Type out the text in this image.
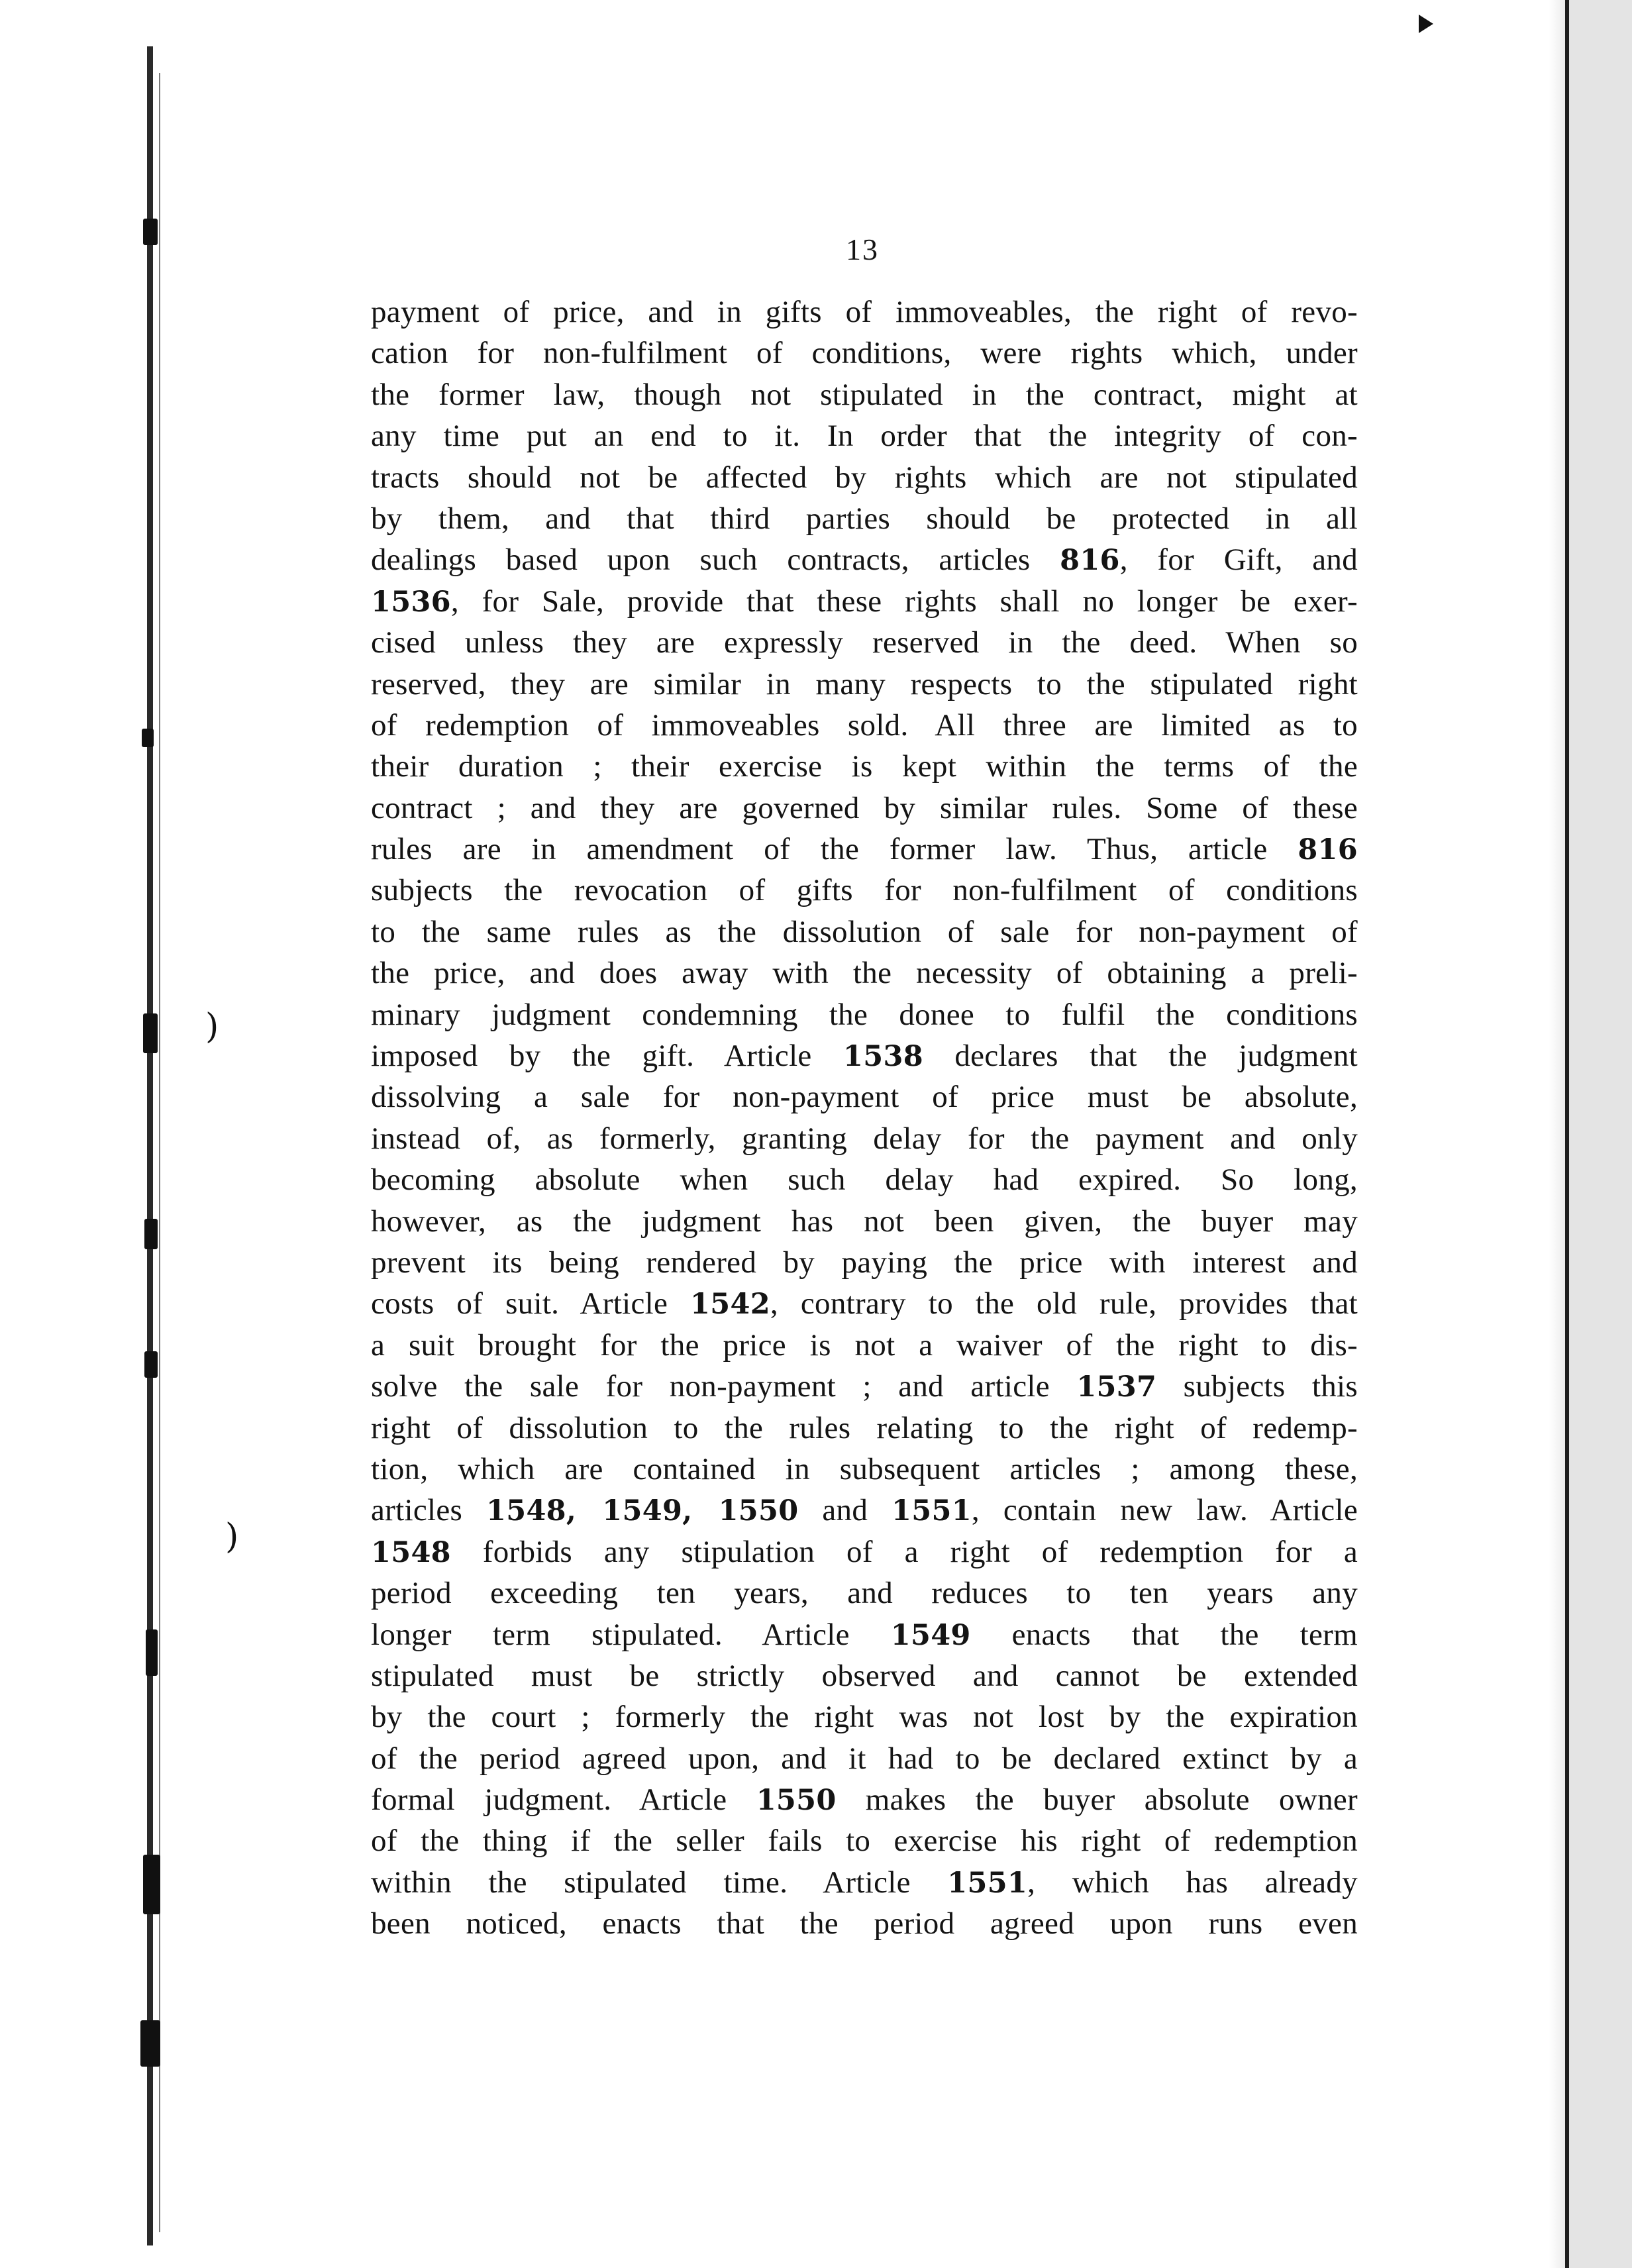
)
)
13
payment of price, and in gifts of immoveables, the right of revo-
cation for non-fulfilment of conditions, were rights which, under
the former law, though not stipulated in the contract, might at
any time put an end to it. In order that the integrity of con-
tracts should not be affected by rights which are not stipulated
by them, and that third parties should be protected in all
dealings based upon such contracts, articles 816, for Gift, and
1536, for Sale, provide that these rights shall no longer be exer-
cised unless they are expressly reserved in the deed. When so
reserved, they are similar in many respects to the stipulated right
of redemption of immoveables sold. All three are limited as to
their duration ; their exercise is kept within the terms of the
contract ; and they are governed by similar rules. Some of these
rules are in amendment of the former law. Thus, article 816
subjects the revocation of gifts for non-fulfilment of conditions
to the same rules as the dissolution of sale for non-payment of
the price, and does away with the necessity of obtaining a preli-
minary judgment condemning the donee to fulfil the conditions
imposed by the gift. Article 1538 declares that the judgment
dissolving a sale for non-payment of price must be absolute,
instead of, as formerly, granting delay for the payment and only
becoming absolute when such delay had expired. So long,
however, as the judgment has not been given, the buyer may
prevent its being rendered by paying the price with interest and
costs of suit. Article 1542, contrary to the old rule, provides that
a suit brought for the price is not a waiver of the right to dis-
solve the sale for non-payment ; and article 1537 subjects this
right of dissolution to the rules relating to the right of redemp-
tion, which are contained in subsequent articles ; among these,
articles 1548, 1549, 1550 and 1551, contain new law. Article
1548 forbids any stipulation of a right of redemption for a
period exceeding ten years, and reduces to ten years any
longer term stipulated. Article 1549 enacts that the term
stipulated must be strictly observed and cannot be extended
by the court ; formerly the right was not lost by the expiration
of the period agreed upon, and it had to be declared extinct by a
formal judgment. Article 1550 makes the buyer absolute owner
of the thing if the seller fails to exercise his right of redemption
within the stipulated time. Article 1551, which has already
been noticed, enacts that the period agreed upon runs even
